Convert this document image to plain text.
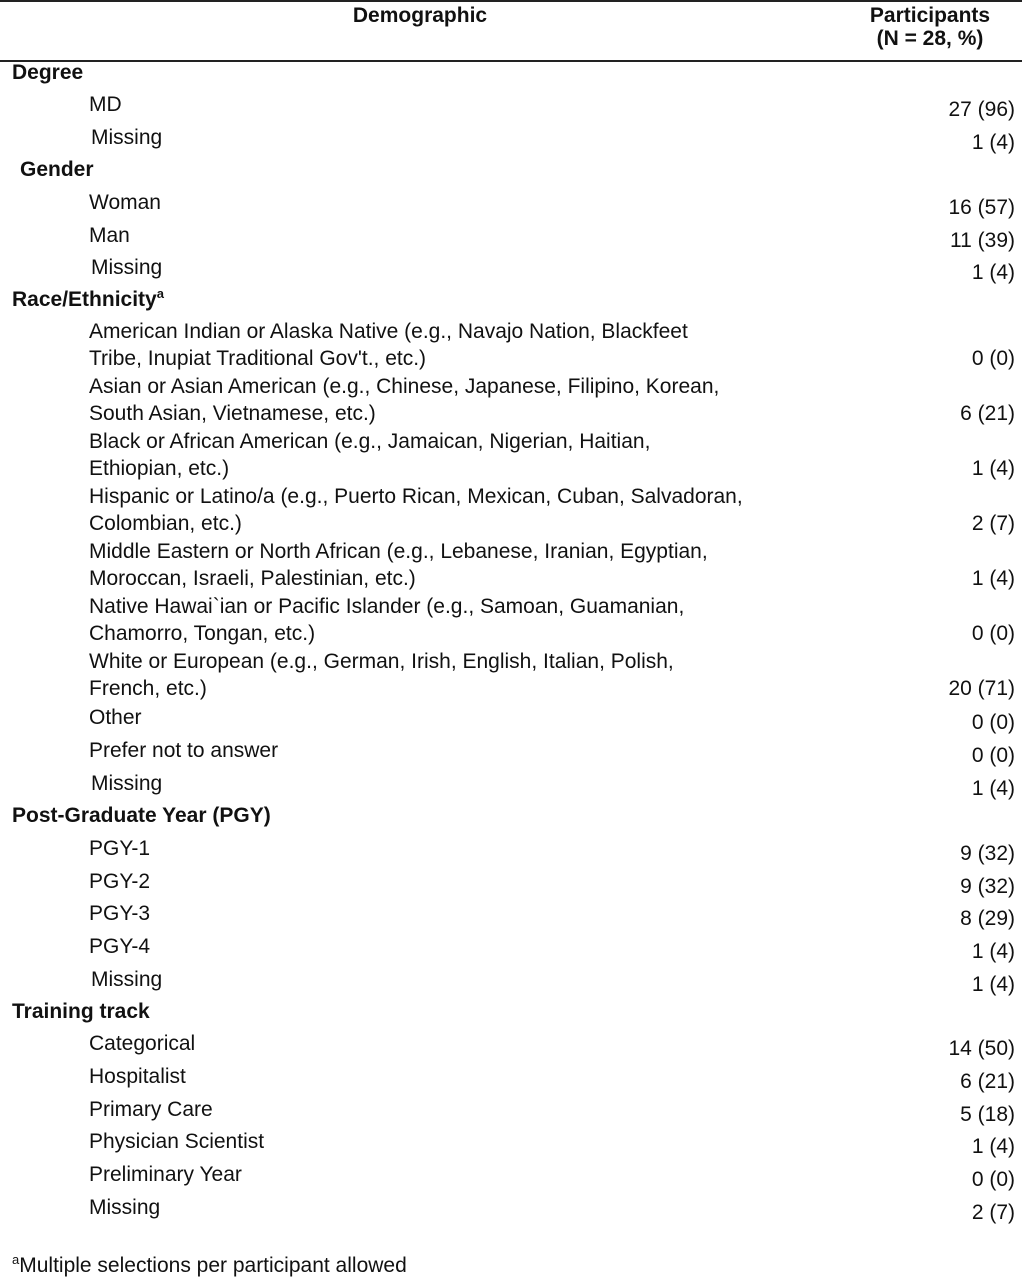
Demographic	Participants
(N = 28, %)
Degree
MD	27 (96)
Missing	1 (4)
Gender
Woman	16 (57)
Man	11 (39)
Missing	1 (4)
Race/Ethnicity$^a$
American Indian or Alaska Native (e.g., Navajo Nation, Blackfeet
Tribe, Inupiat Traditional Gov't., etc.)	0 (0)
Asian or Asian American (e.g., Chinese, Japanese, Filipino, Korean,
South Asian, Vietnamese, etc.)	6 (21)
Black or African American (e.g., Jamaican, Nigerian, Haitian,
Ethiopian, etc.)	1 (4)
Hispanic or Latino/a (e.g., Puerto Rican, Mexican, Cuban, Salvadoran,
Colombian, etc.)	2 (7)
Middle Eastern or North African (e.g., Lebanese, Iranian, Egyptian,
Moroccan, Israeli, Palestinian, etc.)	1 (4)
Native Hawai`ian or Pacific Islander (e.g., Samoan, Guamanian,
Chamorro, Tongan, etc.)	0 (0)
White or European (e.g., German, Irish, English, Italian, Polish,
French, etc.)	20 (71)
Other	0 (0)
Prefer not to answer	0 (0)
Missing	1 (4)
Post-Graduate Year (PGY)
PGY-1	9 (32)
PGY-2	9 (32)
PGY-3	8 (29)
PGY-4	1 (4)
Missing	1 (4)
Training track
Categorical	14 (50)
Hospitalist	6 (21)
Primary Care	5 (18)
Physician Scientist	1 (4)
Preliminary Year	0 (0)
Missing	2 (7)
$^a$Multiple selections per participant allowed
